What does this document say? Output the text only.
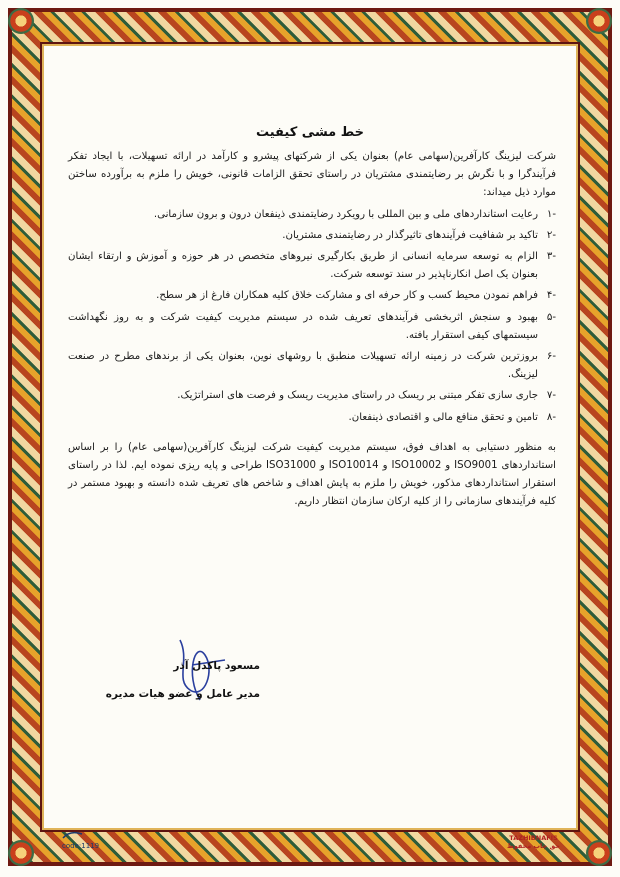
خط مشی کیفیت

شرکت لیزینگ کارآفرین(سهامی عام) بعنوان یکی از شرکتهای پیشرو و کارآمد در ارائه تسهیلات، با ایجاد تفکر فرآیندگرا و با نگرش بر رضایتمندی مشتریان در راستای تحقق الزامات قانونی، خویش را ملزم به برآورده ساختن موارد ذیل میداند:

-۱
رعایت استانداردهای ملی و بین المللی با رویکرد رضایتمندی ذینفعان درون و برون سازمانی.
-۲
تاکید بر شفافیت فرآیندهای تاثیرگذار در رضایتمندی مشتریان.
-۳
الزام به توسعه سرمایه انسانی از طریق بکارگیری نیروهای متخصص در هر حوزه و آموزش و ارتقاء ایشان بعنوان یک اصل انکارناپذیر در سند توسعه شرکت.
-۴
فراهم نمودن محیط کسب و کار حرفه ای و مشارکت خلاق کلیه همکاران فارغ از هر سطح.
-۵
بهبود و سنجش اثربخشی فرآیندهای تعریف شده در سیستم مدیریت کیفیت شرکت و به روز نگهداشت سیستمهای کیفی استقرار یافته.
-۶
بروزترین شرکت در زمینه ارائه تسهیلات منطبق با روشهای نوین، بعنوان یکی از برندهای مطرح در صنعت لیزینگ.
-۷
جاری سازی تفکر مبتنی بر ریسک در راستای مدیریت ریسک و فرصت های استراتژیک.
-۸
تامین و تحقق منافع مالی و اقتصادی ذینفعان.

به منظور دستیابی به اهداف فوق، سیستم مدیریت کیفیت شرکت لیزینگ کارآفرین(سهامی عام) را بر اساس استانداردهای ISO9001 و ISO10002 و ISO10014 و ISO31000 طراحی و پایه ریزی نموده ایم. لذا در راستای استقرار استانداردهای مذکور، خویش را ملزم به پایش اهداف و شاخص های تعریف شده دانسته و بهبود مستمر در کلیه فرآیندهای سازمانی را از کلیه ارکان سازمان انتظار داریم.

مسعود پاکدل آذر
مدیر عامل و عضو هیات مدیره
code:1119
TAZHIBNAFIS
حق چاپ محفوظ
